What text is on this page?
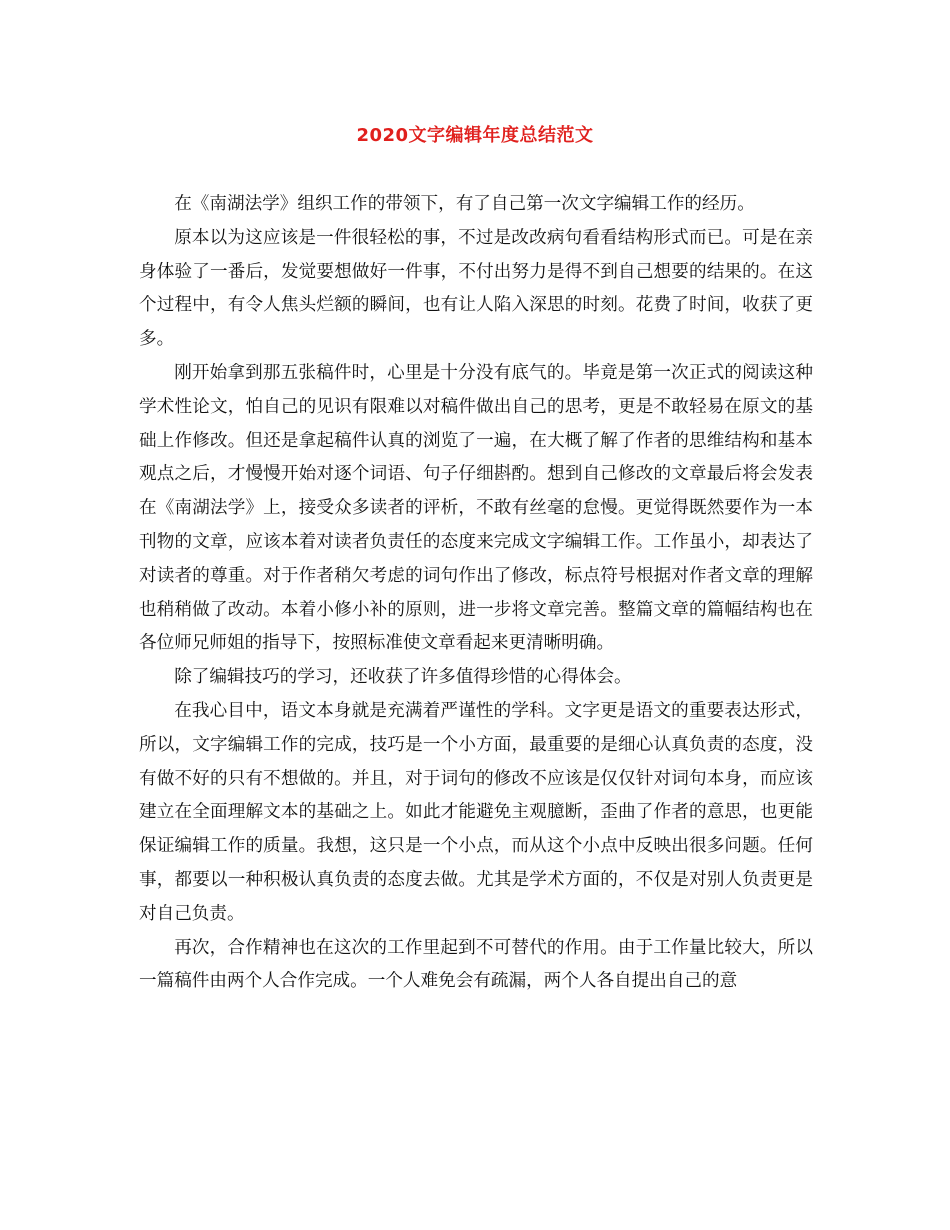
2020文字编辑年度总结范文

在《南湖法学》组织工作的带领下，有了自己第一次文字编辑工作的经历。

原本以为这应该是一件很轻松的事，不过是改改病句看看结构形式而已。可是在亲身体验了一番后，发觉要想做好一件事，不付出努力是得不到自己想要的结果的。在这个过程中，有令人焦头烂额的瞬间，也有让人陷入深思的时刻。花费了时间，收获了更多。

刚开始拿到那五张稿件时，心里是十分没有底气的。毕竟是第一次正式的阅读这种学术性论文，怕自己的见识有限难以对稿件做出自己的思考，更是不敢轻易在原文的基础上作修改。但还是拿起稿件认真的浏览了一遍，在大概了解了作者的思维结构和基本观点之后，才慢慢开始对逐个词语、句子仔细斟酌。想到自己修改的文章最后将会发表在《南湖法学》上，接受众多读者的评析，不敢有丝毫的怠慢。更觉得既然要作为一本刊物的文章，应该本着对读者负责任的态度来完成文字编辑工作。工作虽小，却表达了对读者的尊重。对于作者稍欠考虑的词句作出了修改，标点符号根据对作者文章的理解也稍稍做了改动。本着小修小补的原则，进一步将文章完善。整篇文章的篇幅结构也在各位师兄师姐的指导下，按照标准使文章看起来更清晰明确。

除了编辑技巧的学习，还收获了许多值得珍惜的心得体会。

在我心目中，语文本身就是充满着严谨性的学科。文字更是语文的重要表达形式，所以，文字编辑工作的完成，技巧是一个小方面，最重要的是细心认真负责的态度，没有做不好的只有不想做的。并且，对于词句的修改不应该是仅仅针对词句本身，而应该建立在全面理解文本的基础之上。如此才能避免主观臆断，歪曲了作者的意思，也更能保证编辑工作的质量。我想，这只是一个小点，而从这个小点中反映出很多问题。任何事，都要以一种积极认真负责的态度去做。尤其是学术方面的，不仅是对别人负责更是对自己负责。

再次，合作精神也在这次的工作里起到不可替代的作用。由于工作量比较大，所以一篇稿件由两个人合作完成。一个人难免会有疏漏，两个人各自提出自己的意
